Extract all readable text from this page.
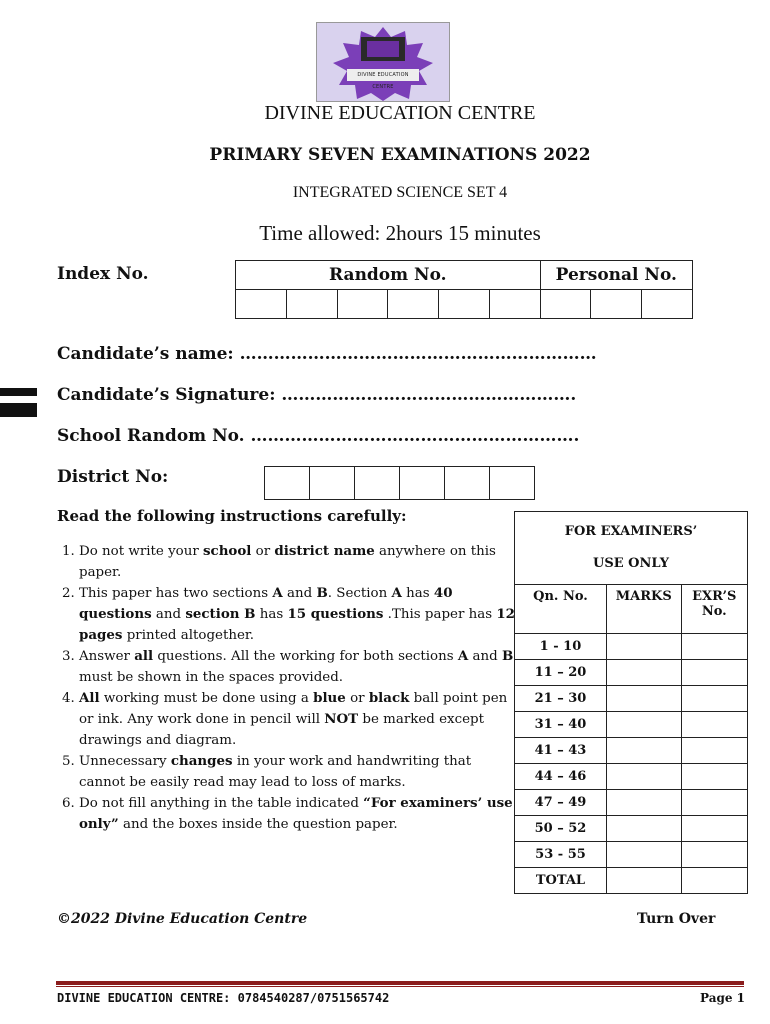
DIVINE EDUCATION CENTRE
DIVINE EDUCATION CENTRE
PRIMARY SEVEN EXAMINATIONS 2022
INTEGRATED SCIENCE SET 4
Time allowed: 2hours 15 minutes
Index No.	Random No.						Personal No.		

Candidate’s name: ………………………………………………………
Candidate’s Signature: …………………………………………….
School Random No. ………………………………………………….
District No:

Read the following instructions carefully:
1. Do not write your school or district name anywhere on this paper.
2. This paper has two sections A and B. Section A has 40 questions and section B has 15 questions .This paper has 12 pages printed altogether.
3. Answer all questions. All the working for both sections A and B must be shown in the spaces provided.
4. All working must be done using a blue or black ball point pen or ink. Any work done in pencil will NOT be marked except drawings and diagram.
5. Unnecessary changes in your work and handwriting that cannot be easily read may lead to loss of marks.
6. Do not fill anything in the table indicated “For examiners’ use only” and the boxes inside the question paper.
FOR EXAMINERS’
USE ONLY		

Qn. No.	MARKS	EXR’S No.
1 - 10		
11 – 20		
21 – 30		
31 – 40		
41 – 43		
44 – 46		
47 – 49		
50 – 52		
53 - 55		
TOTAL		
©2022 Divine Education Centre	Turn Over
DIVINE EDUCATION CENTRE: 0784540287/0751565742	Page 1
